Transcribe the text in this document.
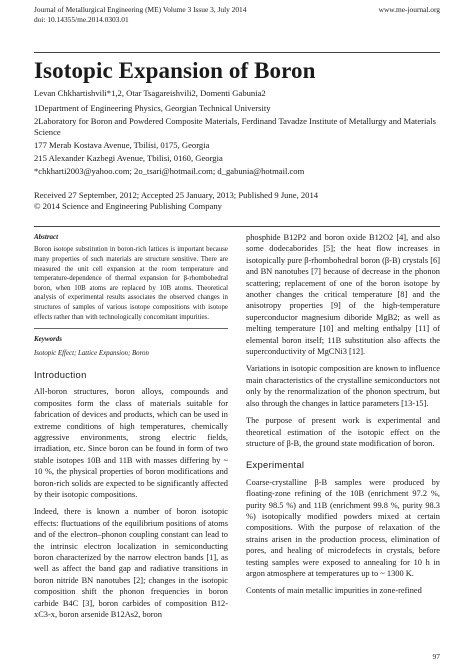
Journal of Metallurgical Engineering (ME) Volume 3 Issue 3, July 2014
doi: 10.14355/me.2014.0303.01
www.me-journal.org
Isotopic Expansion of Boron
Levan Chkhartishvili*1,2, Otar Tsagareishvili2, Domenti Gabunia2
1Department of Engineering Physics, Georgian Technical University
2Laboratory for Boron and Powdered Composite Materials, Ferdinand Tavadze Institute of Metallurgy and Materials Science
177 Merab Kostava Avenue, Tbilisi, 0175, Georgia
215 Alexander Kazbegi Avenue, Tbilisi, 0160, Georgia
*chkharti2003@yahoo.com; 2o_tsari@hotmail.com; d_gabunia@hotmail.com
Received 27 September, 2012; Accepted 25 January, 2013; Published 9 June, 2014
© 2014 Science and Engineering Publishing Company

Abstract

Boron isotope substitution in boron-rich lattices is important because many properties of such materials are structure sensitive. There are measured the unit cell expansion at the room temperature and temperature-dependence of thermal expansion for β-rhombohedral boron, when 10B atoms are replaced by 10B atoms. Theoretical analysis of experimental results associates the observed changes in structures of samples of various isotope compositions with isotope effects rather than with technologically concomitant impurities.

Keywords

Isotopic Effect; Lattice Expansion; Boron

Introduction

All-boron structures, boron alloys, compounds and composites form the class of materials suitable for fabrication of devices and products, which can be used in extreme conditions of high temperatures, chemically aggressive environments, strong electric fields, irradiation, etc. Since boron can be found in form of two stable isotopes 10B and 11B with masses differing by ~ 10 %, the physical properties of boron modifications and boron-rich solids are expected to be significantly affected by their isotopic compositions.

Indeed, there is known a number of boron isotopic effects: fluctuations of the equilibrium positions of atoms and of the electron–phonon coupling constant can lead to the intrinsic electron localization in semiconducting boron characterized by the narrow electron bands [1], as well as affect the band gap and radiative transitions in boron nitride BN nanotubes [2]; changes in the isotopic composition shift the phonon frequencies in boron carbide B4C [3], boron carbides of composition B12-xC3-x, boron arsenide B12As2, boron

phosphide B12P2 and boron oxide B12O2 [4], and also some dodecaborides [5]; the heat flow increases in isotopically pure β-rhombohedral boron (β-B) crystals [6] and BN nanotubes [7] because of decrease in the phonon scattering; replacement of one of the boron isotope by another changes the critical temperature [8] and the anisotropy properties [9] of the high-temperature superconductor magnesium diboride MgB2; as well as melting temperature [10] and melting enthalpy [11] of elemental boron itself; 11B substitution also affects the superconductivity of MgCNi3 [12].

Variations in isotopic composition are known to influence main characteristics of the crystalline semiconductors not only by the renormalization of the phonon spectrum, but also through the changes in lattice parameters [13-15].

The purpose of present work is experimental and theoretical estimation of the isotopic effect on the structure of β-B, the ground state modification of boron.

Experimental

Coarse-crystalline β-B samples were produced by floating-zone refining of the 10B (enrichment 97.2 %, purity 98.5 %) and 11B (enrichment 99.8 %, purity 98.3 %) isotopically modified powders mixed at certain compositions. With the purpose of relaxation of the strains arisen in the production process, elimination of pores, and healing of microdefects in crystals, before testing samples were exposed to annealing for 10 h in argon atmosphere at temperatures up to ~ 1300 K.

Contents of main metallic impurities in zone-refined

97
